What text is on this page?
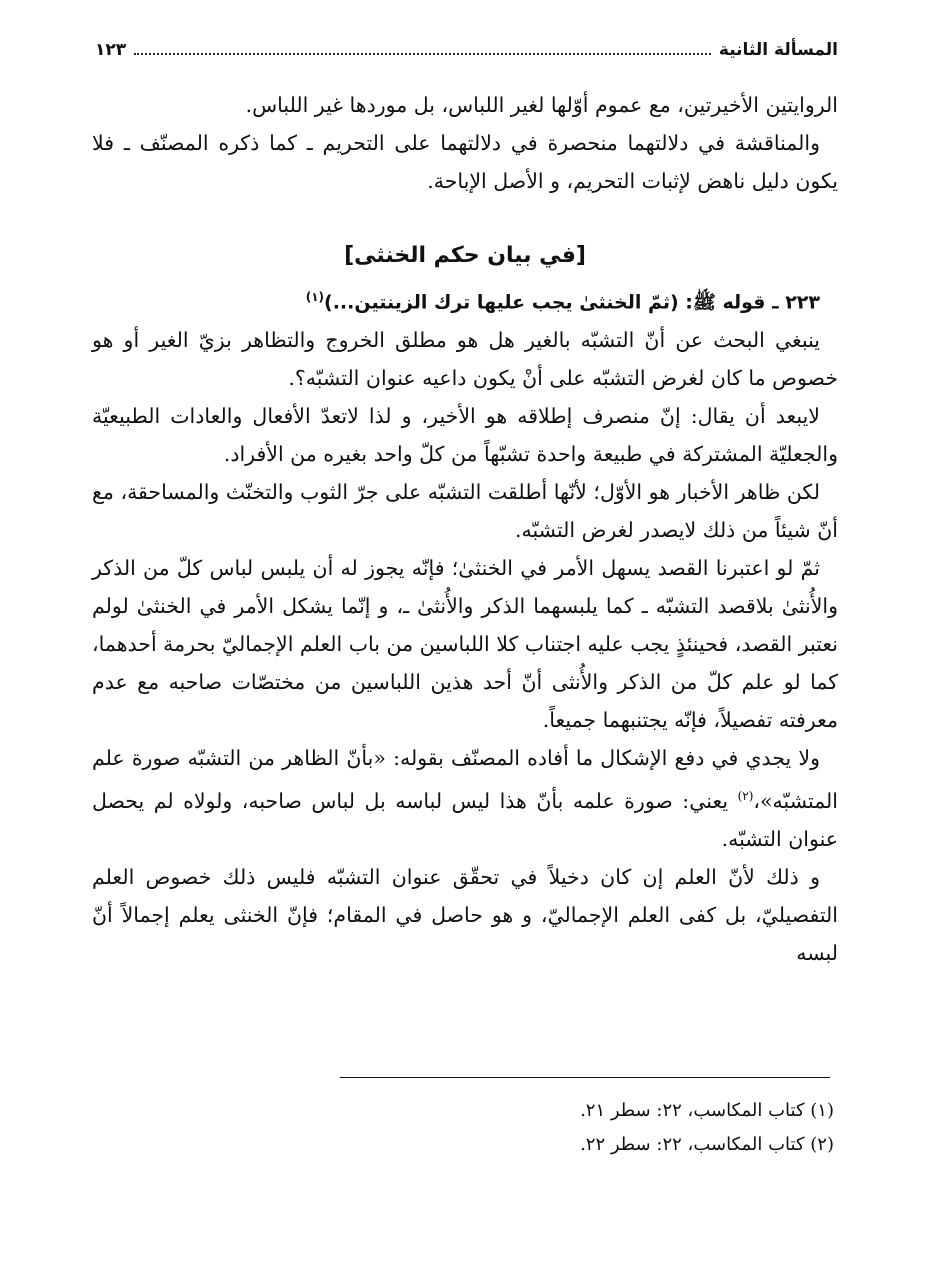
المسألة الثانية
١٢٣

الروايتين الأخيرتين، مع عموم أوّلها لغير اللباس، بل موردها غير اللباس.

والمناقشة في دلالتهما منحصرة في دلالتهما على التحريم ـ كما ذكره المصنّف ـ فلا يكون دليل ناهض لإثبات التحريم، و الأصل الإباحة.

[في بيان حكم الخنثى]

٢٢٣ ـ قوله ﷺ: (ثمّ الخنثىٰ يجب عليها ترك الزينتين...)$^{(١)}$

ينبغي البحث عن أنّ التشبّه بالغير هل هو مطلق الخروج والتظاهر بزيّ الغير أو هو خصوص ما كان لغرض التشبّه على أنْ يكون داعيه عنوان التشبّه؟.

لايبعد أن يقال: إنّ منصرف إطلاقه هو الأخير، و لذا لاتعدّ الأفعال والعادات الطبيعيّة والجعليّة المشتركة في طبيعة واحدة تشبّهاً من كلّ واحد بغيره من الأفراد.

لكن ظاهر الأخبار هو الأوّل؛ لأنّها أطلقت التشبّه على جرّ الثوب والتخنّث والمساحقة، مع أنّ شيئاً من ذلك لايصدر لغرض التشبّه.

ثمّ لو اعتبرنا القصد يسهل الأمر في الخنثىٰ؛ فإنّه يجوز له أن يلبس لباس كلّ من الذكر والأُنثىٰ بلاقصد التشبّه ـ كما يلبسهما الذكر والأُنثىٰ ـ، و إنّما يشكل الأمر في الخنثىٰ لولم نعتبر القصد، فحينئذٍ يجب عليه اجتناب كلا اللباسين من باب العلم الإجماليّ بحرمة أحدهما، كما لو علم كلّ من الذكر والأُنثى أنّ أحد هذين اللباسين من مختصّات صاحبه مع عدم معرفته تفصيلاً، فإنّه يجتنبهما جميعاً.

ولا يجدي في دفع الإشكال ما أفاده المصنّف بقوله: «بأنّ الظاهر من التشبّه صورة علم المتشبّه»،$^{(٢)}$ يعني: صورة علمه بأنّ هذا ليس لباسه بل لباس صاحبه، ولولاه لم يحصل عنوان التشبّه.

و ذلك لأنّ العلم إن كان دخيلاً في تحقّق عنوان التشبّه فليس ذلك خصوص العلم التفصيليّ، بل كفى العلم الإجماليّ، و هو حاصل في المقام؛ فإنّ الخنثى يعلم إجمالاً أنّ لبسه

(١) كتاب المكاسب، ٢٢: سطر ٢١.

(٢) كتاب المكاسب، ٢٢: سطر ٢٢.
